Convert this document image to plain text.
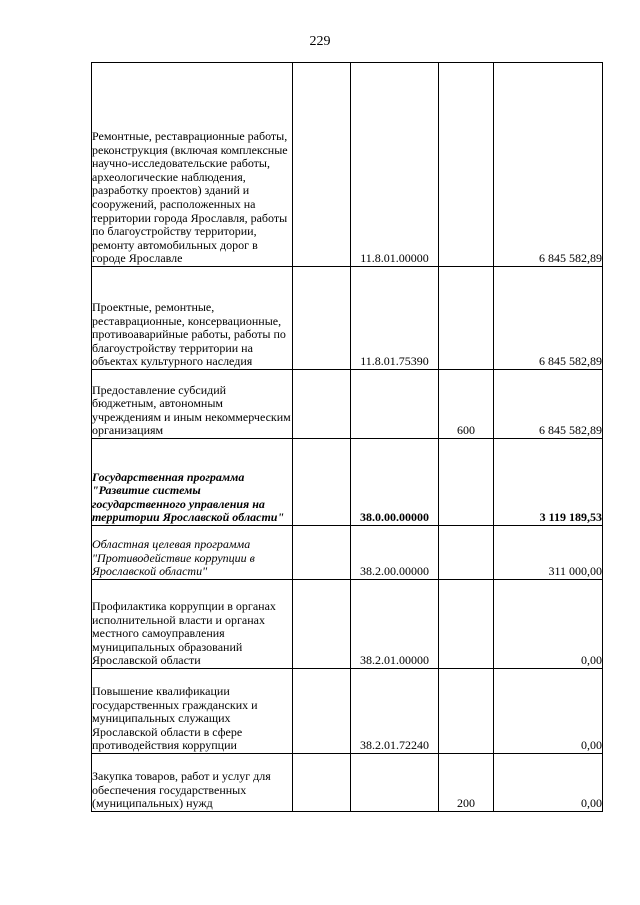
229
Ремонтные, реставрационные работы, реконструкция (включая комплексные научно-исследовательские работы, археологические наблюдения, разработку проектов) зданий и сооружений, расположенных на территории города Ярославля, работы по благоустройству территории, ремонту автомобильных дорог в городе Ярославле		11.8.01.00000		6 845 582,89
Проектные, ремонтные, реставрационные, консервационные, противоаварийные работы, работы по благоустройству территории на объектах культурного наследия		11.8.01.75390		6 845 582,89
Предоставление субсидий бюджетным, автономным учреждениям и иным некоммерческим организациям			600	6 845 582,89
Государственная программа "Развитие системы государственного управления на территории Ярославской области"		38.0.00.00000		3 119 189,53
Областная целевая программа "Противодействие коррупции в Ярославской области"		38.2.00.00000		311 000,00
Профилактика коррупции в органах исполнительной власти и органах местного самоуправления муниципальных образований Ярославской области		38.2.01.00000		0,00
Повышение квалификации государственных гражданских и муниципальных служащих Ярославской области в сфере противодействия коррупции		38.2.01.72240		0,00
Закупка товаров, работ и услуг для обеспечения государственных (муниципальных) нужд			200	0,00
